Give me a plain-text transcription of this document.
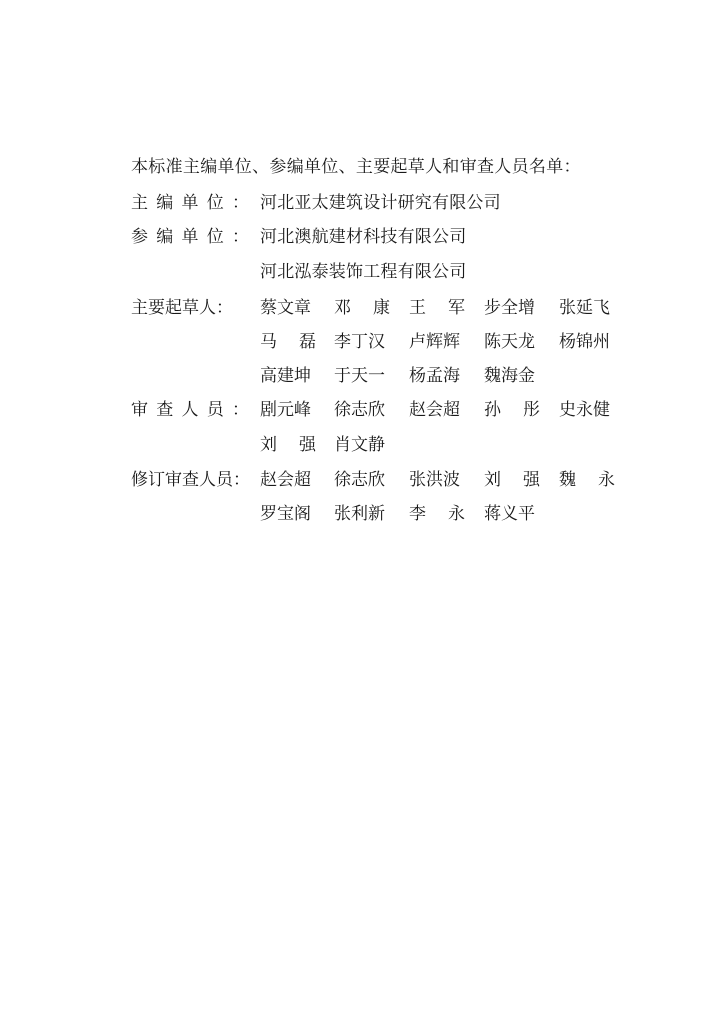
本标准主编单位、参编单位、主要起草人和审查人员名单：
主 编 单 位 ： 河北亚太建筑设计研究有限公司
参 编 单 位 ： 河北澳航建材科技有限公司
河北泓泰装饰工程有限公司
主要起草人：	蔡文章 邓 康 王 军 步全增 张延飞
马 磊 李丁汉 卢辉辉 陈天龙 杨锦州
高建坤 于天一 杨孟海 魏海金
审 查 人 员 ： 剧元峰 徐志欣 赵会超 孙 彤 史永健
刘 强 肖文静
修订审查人员： 赵会超 徐志欣 张洪波 刘 强 魏 永
罗宝阁 张利新 李 永 蒋义平
